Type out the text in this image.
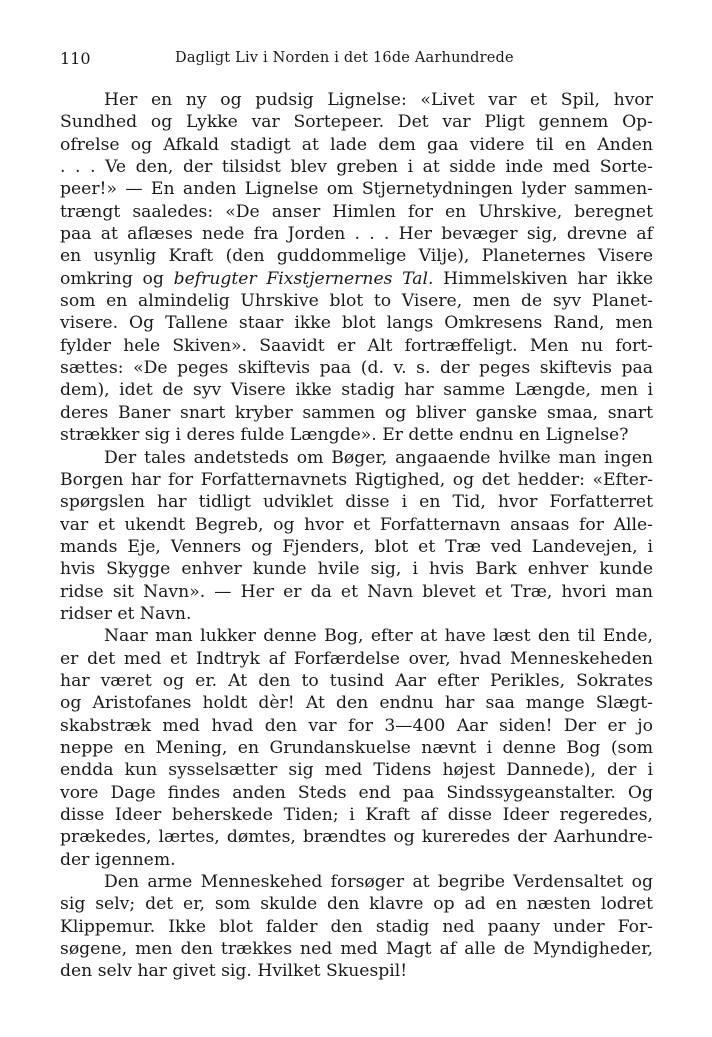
110	Dagligt Liv i Norden i det 16de Aarhundrede
Her en ny og pudsig Lignelse: «Livet var et Spil, hvor
Sundhed og Lykke var Sortepeer. Det var Pligt gennem Op-
ofrelse og Afkald stadigt at lade dem gaa videre til en Anden
. . . Ve den, der tilsidst blev greben i at sidde inde med Sorte-
peer!» — En anden Lignelse om Stjernetydningen lyder sammen-
trængt saaledes: «De anser Himlen for en Uhrskive, beregnet
paa at aflæses nede fra Jorden . . . Her bevæger sig, drevne af
en usynlig Kraft (den guddommelige Vilje), Planeternes Visere
omkring og befrugter Fixstjernernes Tal. Himmelskiven har ikke
som en almindelig Uhrskive blot to Visere, men de syv Planet-
visere. Og Tallene staar ikke blot langs Omkresens Rand, men
fylder hele Skiven». Saavidt er Alt fortræffeligt. Men nu fort-
sættes: «De peges skiftevis paa (d. v. s. der peges skiftevis paa
dem), idet de syv Visere ikke stadig har samme Længde, men i
deres Baner snart kryber sammen og bliver ganske smaa, snart
strækker sig i deres fulde Længde». Er dette endnu en Lignelse?
Der tales andetsteds om Bøger, angaaende hvilke man ingen
Borgen har for Forfatternavnets Rigtighed, og det hedder: «Efter-
spørgslen har tidligt udviklet disse i en Tid, hvor Forfatterret
var et ukendt Begreb, og hvor et Forfatternavn ansaas for Alle-
mands Eje, Venners og Fjenders, blot et Træ ved Landevejen, i
hvis Skygge enhver kunde hvile sig, i hvis Bark enhver kunde
ridse sit Navn». — Her er da et Navn blevet et Træ, hvori man
ridser et Navn.
Naar man lukker denne Bog, efter at have læst den til Ende,
er det med et Indtryk af Forfærdelse over, hvad Menneskeheden
har været og er. At den to tusind Aar efter Perikles, Sokrates
og Aristofanes holdt dèr! At den endnu har saa mange Slægt-
skabstræk med hvad den var for 3—400 Aar siden! Der er jo
neppe en Mening, en Grundanskuelse nævnt i denne Bog (som
endda kun sysselsætter sig med Tidens højest Dannede), der i
vore Dage findes anden Steds end paa Sindssygeanstalter. Og
disse Ideer beherskede Tiden; i Kraft af disse Ideer regeredes,
prækedes, lærtes, dømtes, brændtes og kureredes der Aarhundre-
der igennem.
Den arme Menneskehed forsøger at begribe Verdensaltet og
sig selv; det er, som skulde den klavre op ad en næsten lodret
Klippemur. Ikke blot falder den stadig ned paany under For-
søgene, men den trækkes ned med Magt af alle de Myndigheder,
den selv har givet sig. Hvilket Skuespil!
